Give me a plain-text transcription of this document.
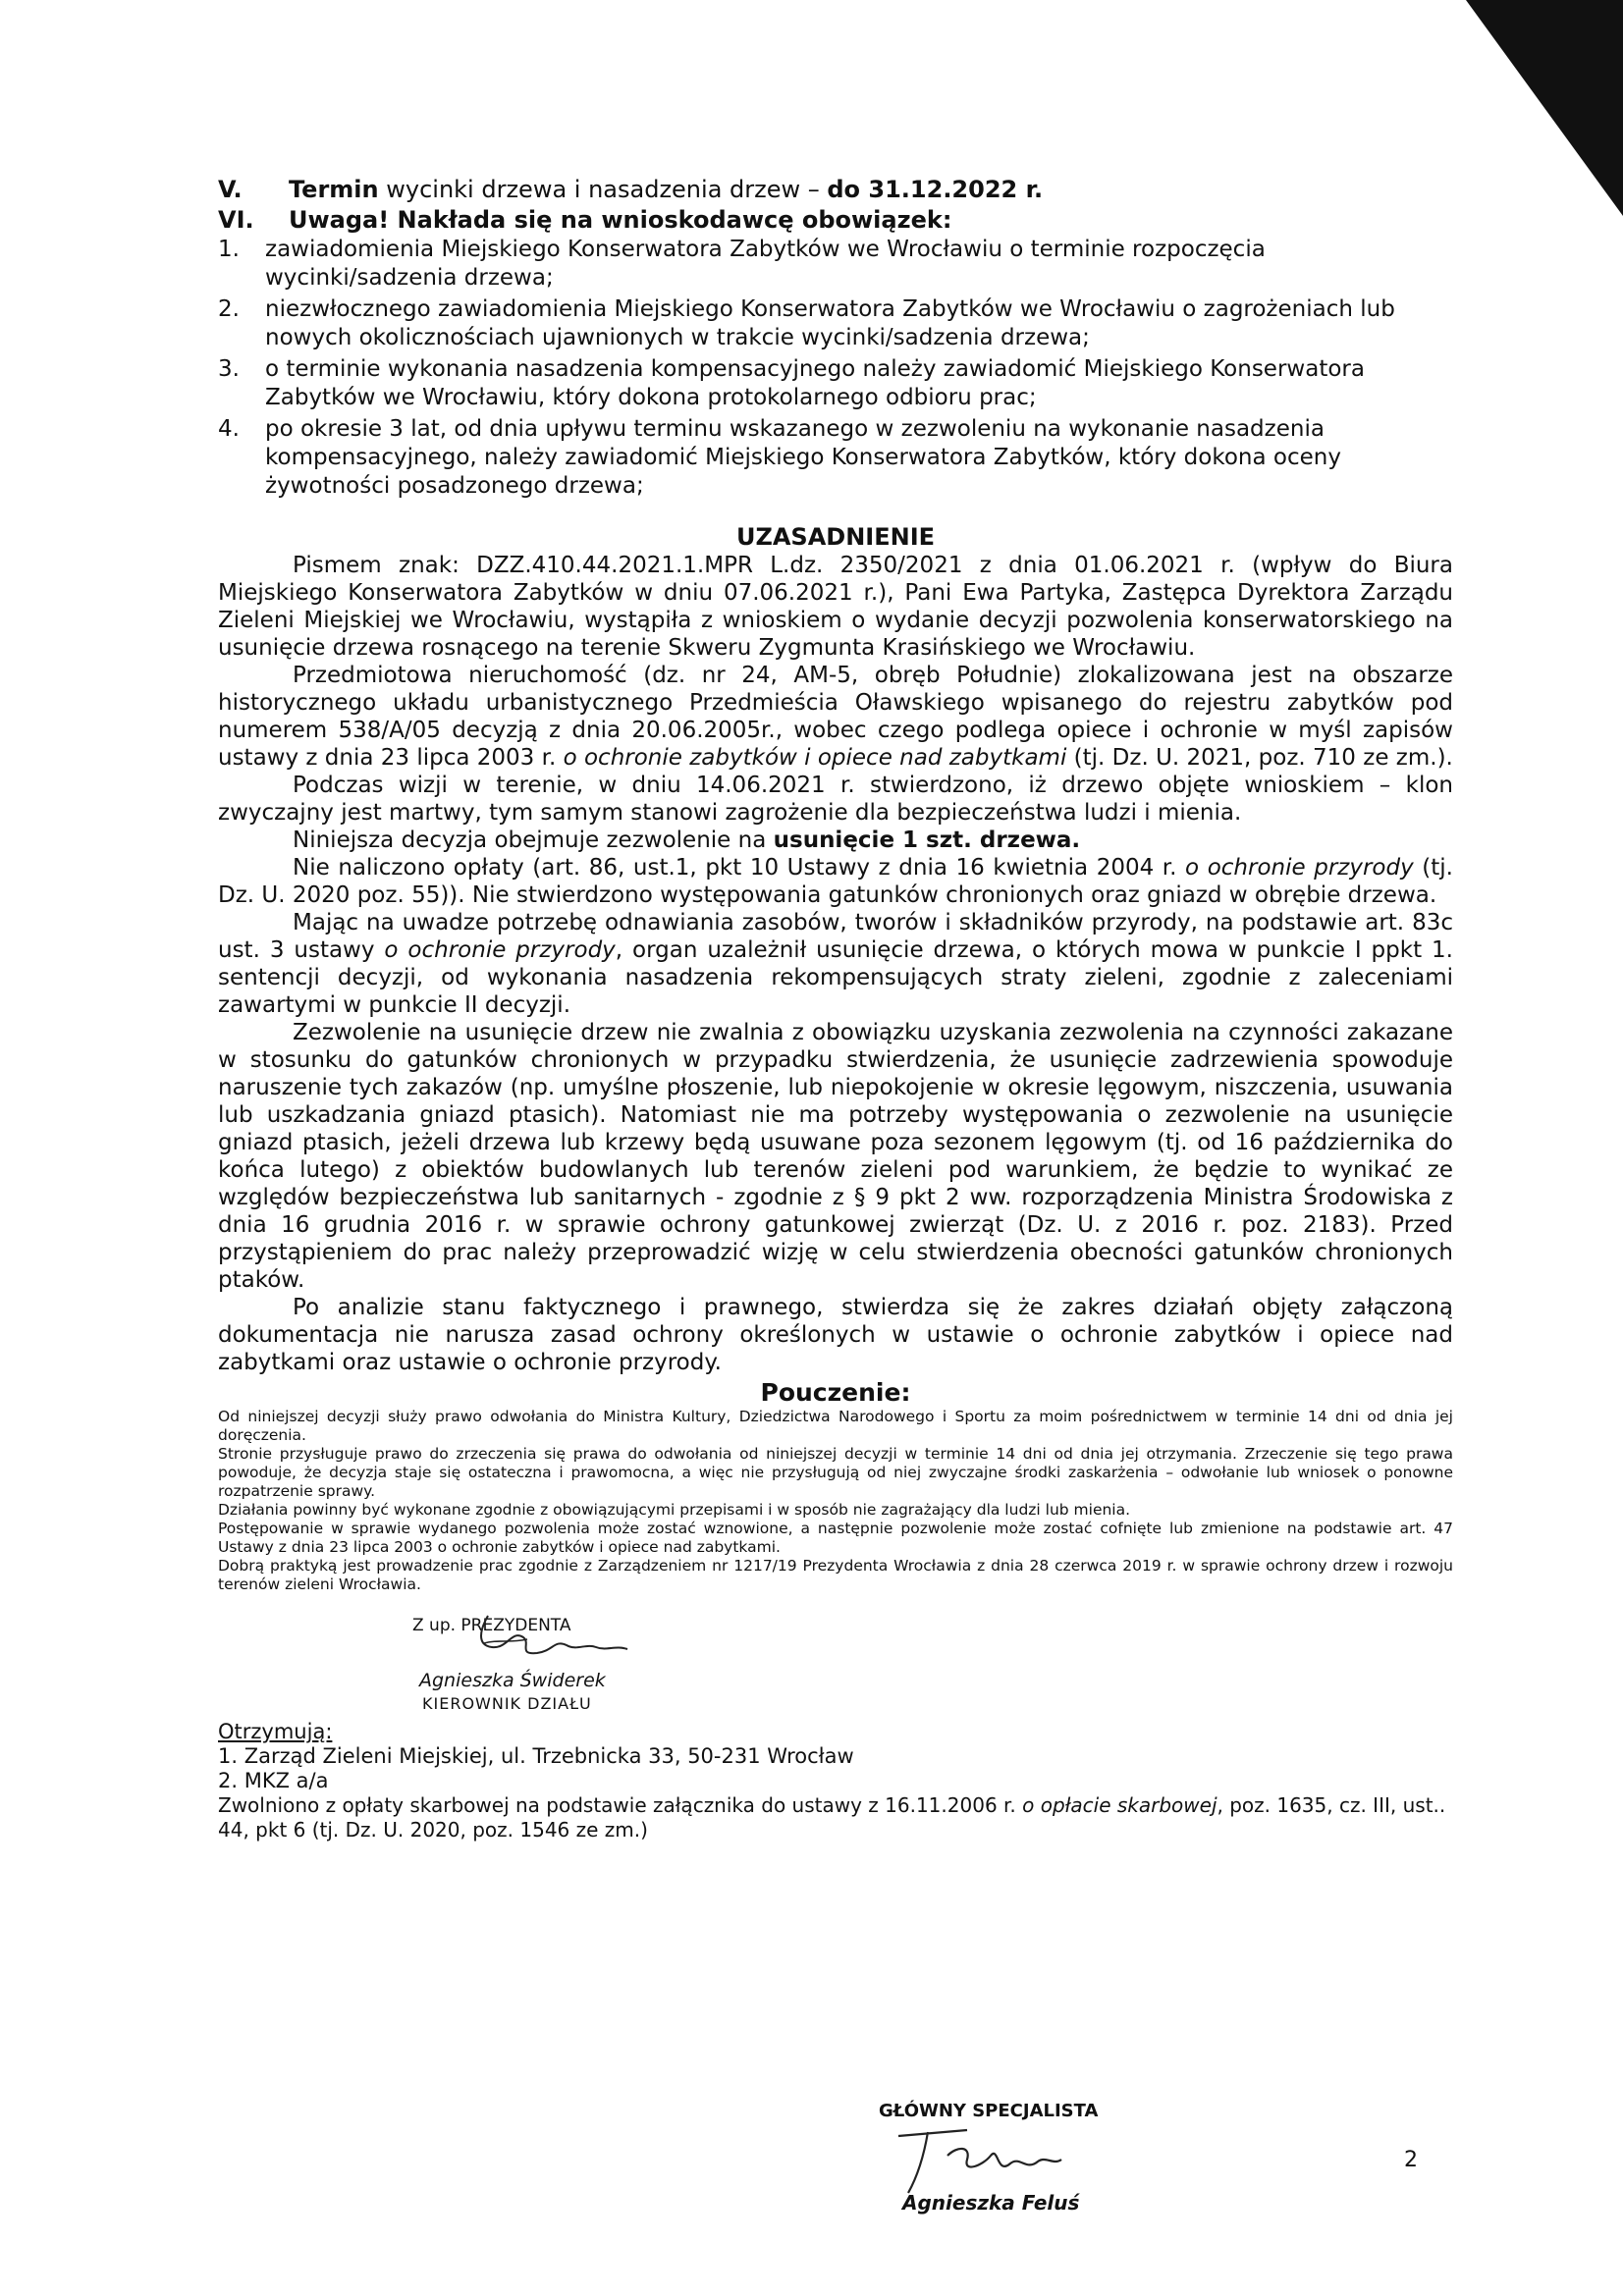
V. Termin wycinki drzewa i nasadzenia drzew – do 31.12.2022 r.

VI. Uwaga! Nakłada się na wnioskodawcę obowiązek:

1. zawiadomienia Miejskiego Konserwatora Zabytków we Wrocławiu o terminie rozpoczęcia wycinki/sadzenia drzewa;
2. niezwłocznego zawiadomienia Miejskiego Konserwatora Zabytków we Wrocławiu o zagrożeniach lub nowych okolicznościach ujawnionych w trakcie wycinki/sadzenia drzewa;
3. o terminie wykonania nasadzenia kompensacyjnego należy zawiadomić Miejskiego Konserwatora Zabytków we Wrocławiu, który dokona protokolarnego odbioru prac;
4. po okresie 3 lat, od dnia upływu terminu wskazanego w zezwoleniu na wykonanie nasadzenia kompensacyjnego, należy zawiadomić Miejskiego Konserwatora Zabytków, który dokona oceny żywotności posadzonego drzewa;

UZASADNIENIE

Pismem znak: DZZ.410.44.2021.1.MPR L.dz. 2350/2021 z dnia 01.06.2021 r. (wpływ do Biura Miejskiego Konserwatora Zabytków w dniu 07.06.2021 r.), Pani Ewa Partyka, Zastępca Dyrektora Zarządu Zieleni Miejskiej we Wrocławiu, wystąpiła z wnioskiem o wydanie decyzji pozwolenia konserwatorskiego na usunięcie drzewa rosnącego na terenie Skweru Zygmunta Krasińskiego we Wrocławiu.

Przedmiotowa nieruchomość (dz. nr 24, AM-5, obręb Południe) zlokalizowana jest na obszarze historycznego układu urbanistycznego Przedmieścia Oławskiego wpisanego do rejestru zabytków pod numerem 538/A/05 decyzją z dnia 20.06.2005r., wobec czego podlega opiece i ochronie w myśl zapisów ustawy z dnia 23 lipca 2003 r. o ochronie zabytków i opiece nad zabytkami (tj. Dz. U. 2021, poz. 710 ze zm.).

Podczas wizji w terenie, w dniu 14.06.2021 r. stwierdzono, iż drzewo objęte wnioskiem – klon zwyczajny jest martwy, tym samym stanowi zagrożenie dla bezpieczeństwa ludzi i mienia.

Niniejsza decyzja obejmuje zezwolenie na usunięcie 1 szt. drzewa.

Nie naliczono opłaty (art. 86, ust.1, pkt 10 Ustawy z dnia 16 kwietnia 2004 r. o ochronie przyrody (tj. Dz. U. 2020 poz. 55)). Nie stwierdzono występowania gatunków chronionych oraz gniazd w obrębie drzewa.

Mając na uwadze potrzebę odnawiania zasobów, tworów i składników przyrody, na podstawie art. 83c ust. 3 ustawy o ochronie przyrody, organ uzależnił usunięcie drzewa, o których mowa w punkcie I ppkt 1. sentencji decyzji, od wykonania nasadzenia rekompensujących straty zieleni, zgodnie z zaleceniami zawartymi w punkcie II decyzji.

Zezwolenie na usunięcie drzew nie zwalnia z obowiązku uzyskania zezwolenia na czynności zakazane w stosunku do gatunków chronionych w przypadku stwierdzenia, że usunięcie zadrzewienia spowoduje naruszenie tych zakazów (np. umyślne płoszenie, lub niepokojenie w okresie lęgowym, niszczenia, usuwania lub uszkadzania gniazd ptasich). Natomiast nie ma potrzeby występowania o zezwolenie na usunięcie gniazd ptasich, jeżeli drzewa lub krzewy będą usuwane poza sezonem lęgowym (tj. od 16 października do końca lutego) z obiektów budowlanych lub terenów zieleni pod warunkiem, że będzie to wynikać ze względów bezpieczeństwa lub sanitarnych - zgodnie z § 9 pkt 2 ww. rozporządzenia Ministra Środowiska z dnia 16 grudnia 2016 r. w sprawie ochrony gatunkowej zwierząt (Dz. U. z 2016 r. poz. 2183). Przed przystąpieniem do prac należy przeprowadzić wizję w celu stwierdzenia obecności gatunków chronionych ptaków.

Po analizie stanu faktycznego i prawnego, stwierdza się że zakres działań objęty załączoną dokumentacja nie narusza zasad ochrony określonych w ustawie o ochronie zabytków i opiece nad zabytkami oraz ustawie o ochronie przyrody.

Pouczenie:

Od niniejszej decyzji służy prawo odwołania do Ministra Kultury, Dziedzictwa Narodowego i Sportu za moim pośrednictwem w terminie 14 dni od dnia jej doręczenia.

Stronie przysługuje prawo do zrzeczenia się prawa do odwołania od niniejszej decyzji w terminie 14 dni od dnia jej otrzymania. Zrzeczenie się tego prawa powoduje, że decyzja staje się ostateczna i prawomocna, a więc nie przysługują od niej zwyczajne środki zaskarżenia – odwołanie lub wniosek o ponowne rozpatrzenie sprawy.

Działania powinny być wykonane zgodnie z obowiązującymi przepisami i w sposób nie zagrażający dla ludzi lub mienia.

Postępowanie w sprawie wydanego pozwolenia może zostać wznowione, a następnie pozwolenie może zostać cofnięte lub zmienione na podstawie art. 47 Ustawy z dnia 23 lipca 2003 o ochronie zabytków i opiece nad zabytkami.

Dobrą praktyką jest prowadzenie prac zgodnie z Zarządzeniem nr 1217/19 Prezydenta Wrocławia z dnia 28 czerwca 2019 r. w sprawie ochrony drzew i rozwoju terenów zieleni Wrocławia.

Z up. PREZYDENTA
Agnieszka Świderek
KIEROWNIK DZIAŁU

Otrzymują:

1. Zarząd Zieleni Miejskiej, ul. Trzebnicka 33, 50-231 Wrocław

2. MKZ a/a

Zwolniono z opłaty skarbowej na podstawie załącznika do ustawy z 16.11.2006 r. o opłacie skarbowej, poz. 1635, cz. III, ust.. 44, pkt 6 (tj. Dz. U. 2020, poz. 1546 ze zm.)

GŁÓWNY SPECJALISTA
Agnieszka Feluś
2
